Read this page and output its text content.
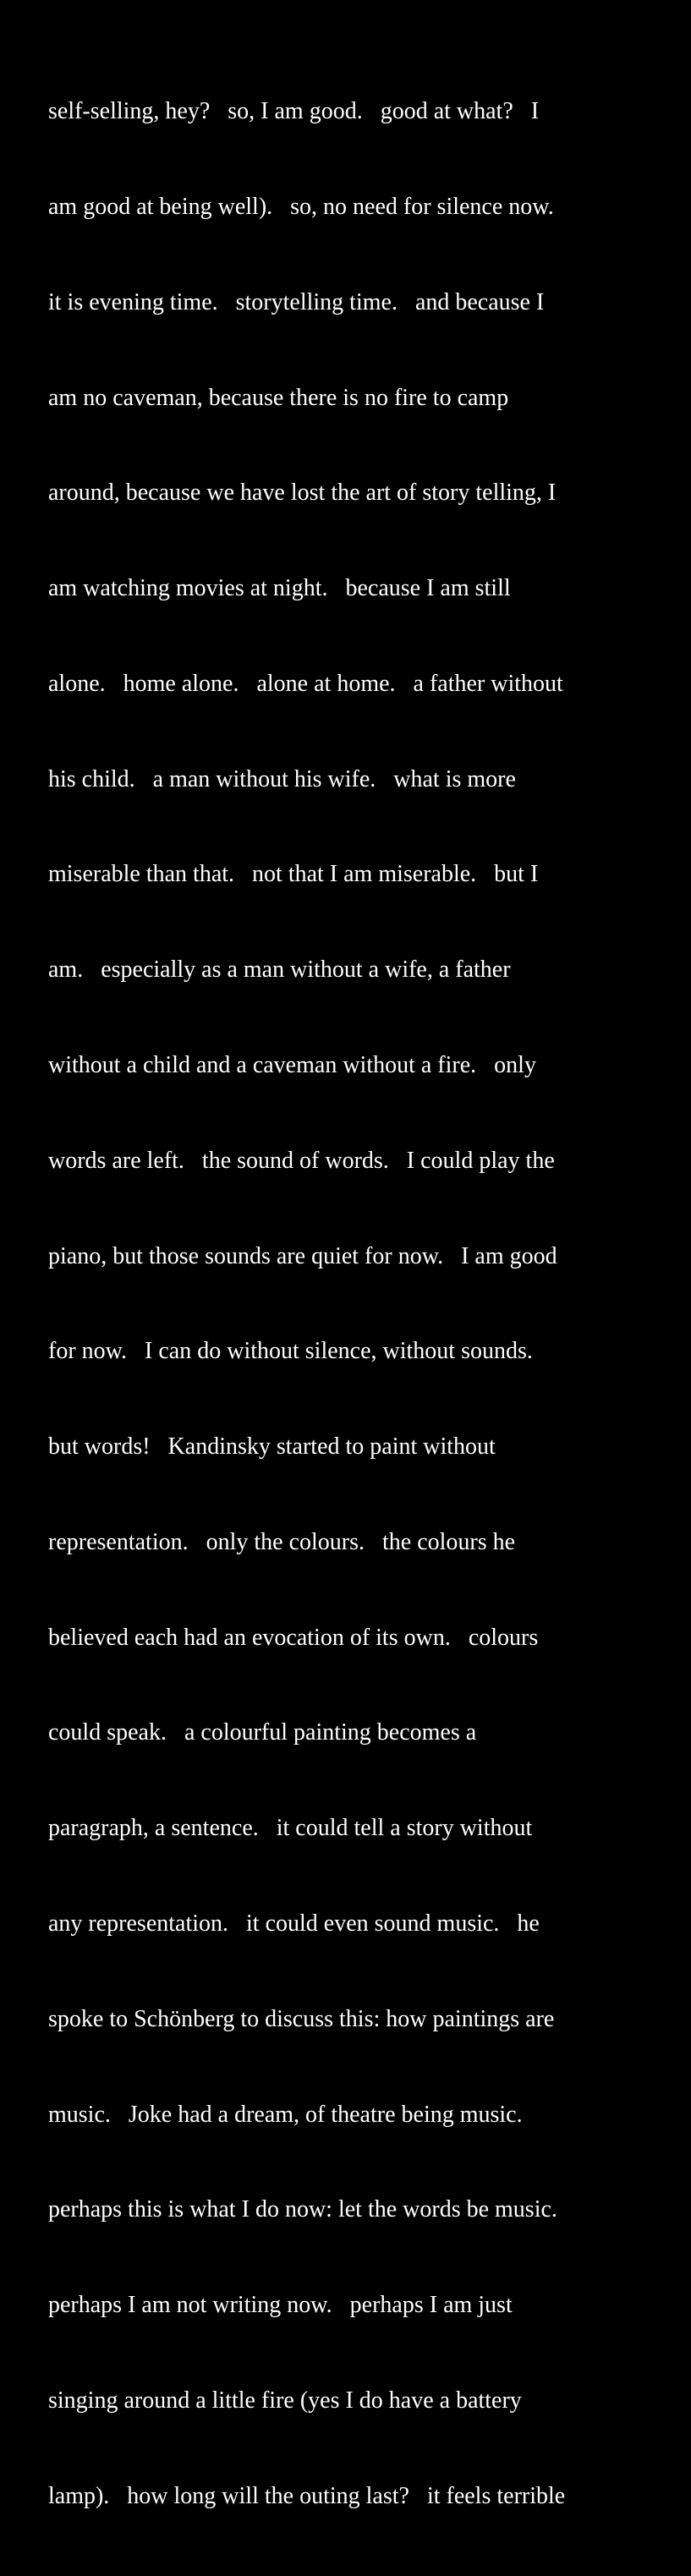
self-selling, hey?   so, I am good.   good at what?   I

am good at being well).   so, no need for silence now.

it is evening time.   storytelling time.   and because I

am no caveman, because there is no fire to camp

around, because we have lost the art of story telling, I

am watching movies at night.   because I am still

alone.   home alone.   alone at home.   a father without

his child.   a man without his wife.   what is more

miserable than that.   not that I am miserable.   but I

am.   especially as a man without a wife, a father

without a child and a caveman without a fire.   only

words are left.   the sound of words.   I could play the

piano, but those sounds are quiet for now.   I am good

for now.   I can do without silence, without sounds.

but words!   Kandinsky started to paint without

representation.   only the colours.   the colours he

believed each had an evocation of its own.   colours

could speak.   a colourful painting becomes a

paragraph, a sentence.   it could tell a story without

any representation.   it could even sound music.   he

spoke to Schönberg to discuss this: how paintings are

music.   Joke had a dream, of theatre being music.

perhaps this is what I do now: let the words be music.

perhaps I am not writing now.   perhaps I am just

singing around a little fire (yes I do have a battery

lamp).   how long will the outing last?   it feels terrible
